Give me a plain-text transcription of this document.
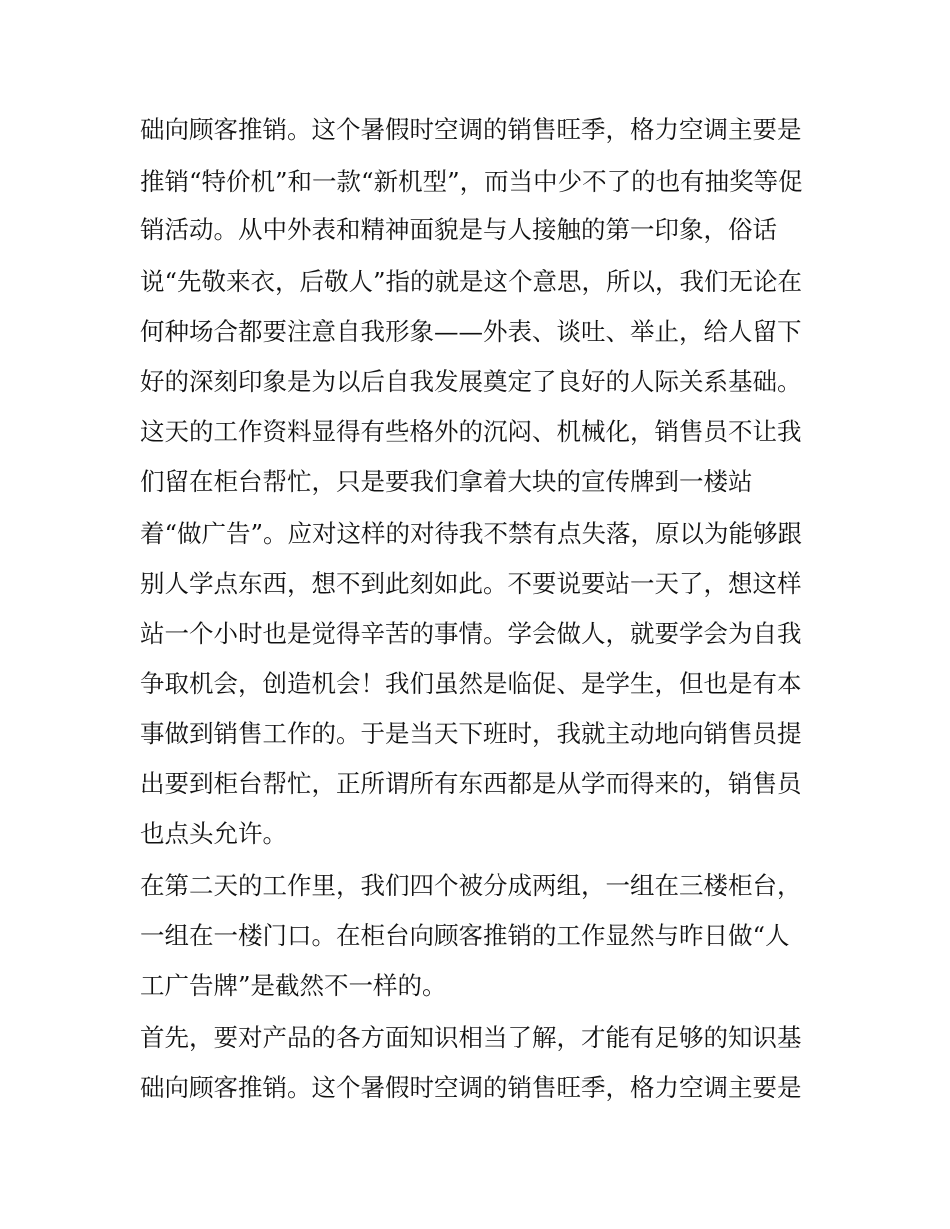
础向顾客推销。这个暑假时空调的销售旺季，格力空调主要是
推销“特价机”和一款“新机型”，而当中少不了的也有抽奖等促
销活动。从中外表和精神面貌是与人接触的第一印象，俗话
说“先敬来衣，后敬人”指的就是这个意思，所以，我们无论在
何种场合都要注意自我形象——外表、谈吐、举止，给人留下
好的深刻印象是为以后自我发展奠定了良好的人际关系基础。
这天的工作资料显得有些格外的沉闷、机械化，销售员不让我
们留在柜台帮忙，只是要我们拿着大块的宣传牌到一楼站
着“做广告”。应对这样的对待我不禁有点失落，原以为能够跟
别人学点东西，想不到此刻如此。不要说要站一天了，想这样
站一个小时也是觉得辛苦的事情。学会做人，就要学会为自我
争取机会，创造机会！我们虽然是临促、是学生，但也是有本
事做到销售工作的。于是当天下班时，我就主动地向销售员提
出要到柜台帮忙，正所谓所有东西都是从学而得来的，销售员
也点头允许。
在第二天的工作里，我们四个被分成两组，一组在三楼柜台，
一组在一楼门口。在柜台向顾客推销的工作显然与昨日做“人
工广告牌”是截然不一样的。
首先，要对产品的各方面知识相当了解，才能有足够的知识基
础向顾客推销。这个暑假时空调的销售旺季，格力空调主要是
